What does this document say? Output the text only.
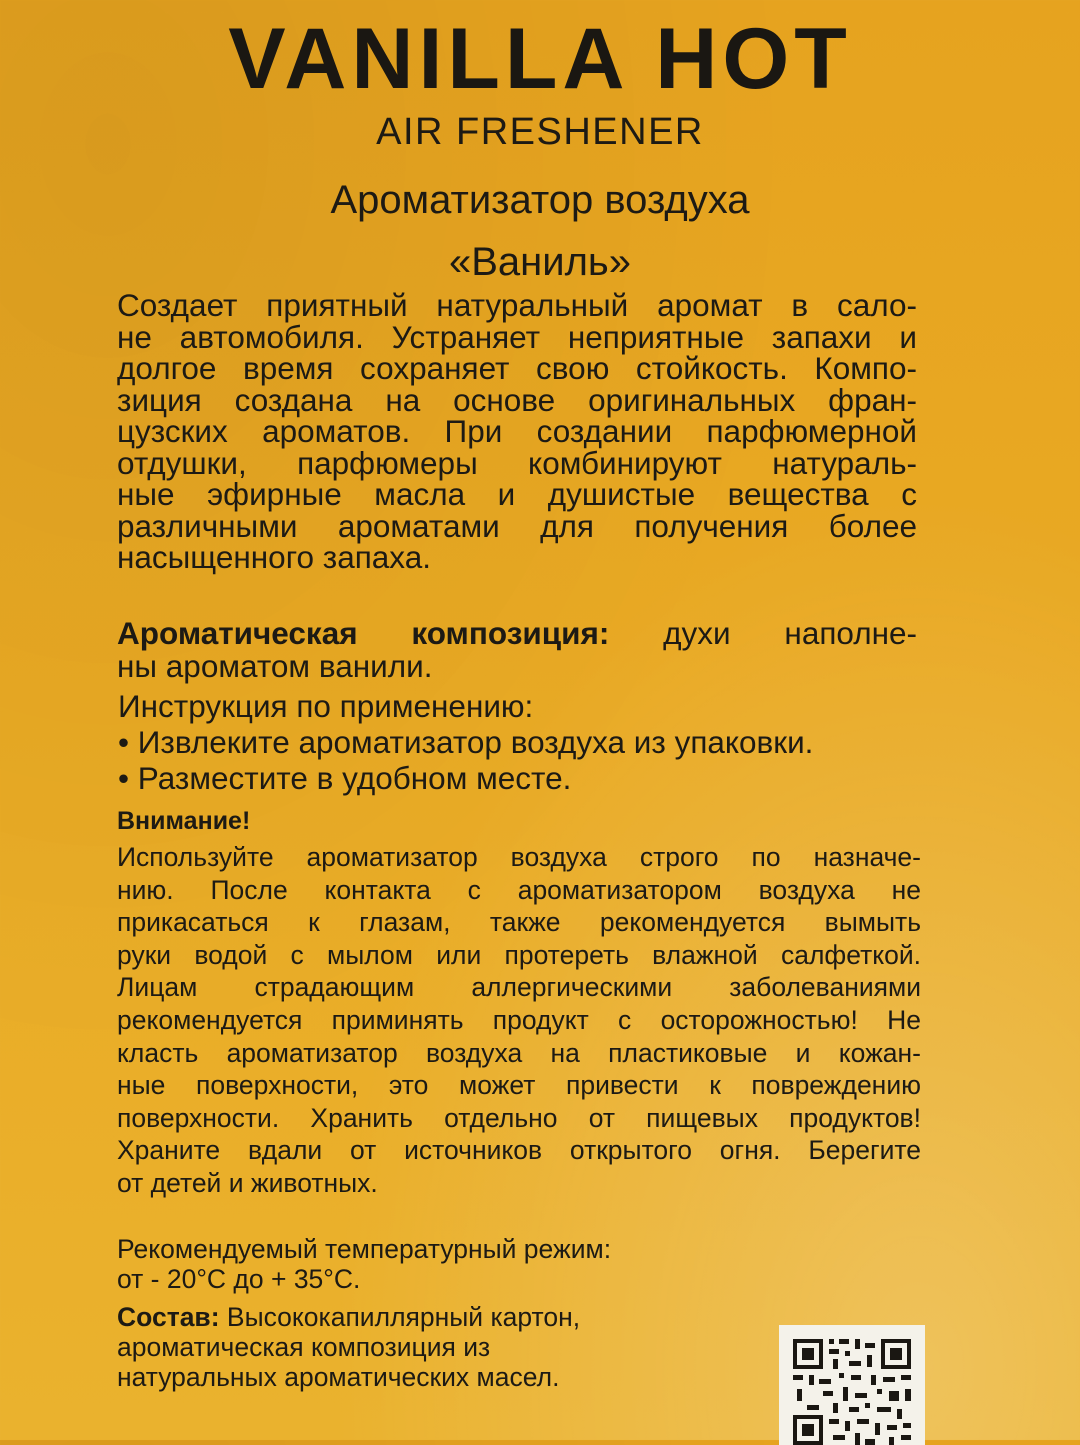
VANILLA HOT
AIR FRESHENER
Ароматизатор воздуха
«Ваниль»
Создает приятный натуральный аромат в сало-
не автомобиля. Устраняет неприятные запахи и
долгое время сохраняет свою стойкость. Компо-
зиция создана на основе оригинальных фран-
цузских ароматов. При создании парфюмерной
отдушки, парфюмеры комбинируют натураль-
ные эфирные масла и душистые вещества с
различными ароматами для получения более
насыщенного запаха.
Ароматическая композиция: духи наполне-
ны ароматом ванили.
Инструкция по применению:
• Извлеките ароматизатор воздуха из упаковки.
• Разместите в удобном месте.
Внимание!
Используйте ароматизатор воздуха строго по назначе-
нию. После контакта с ароматизатором воздуха не
прикасаться к глазам, также рекомендуется вымыть
руки водой с мылом или протереть влажной салфеткой.
Лицам страдающим аллергическими заболеваниями
рекомендуется приминять продукт с осторожностью! Не
класть ароматизатор воздуха на пластиковые и кожан-
ные поверхности, это может привести к повреждению
поверхности. Хранить отдельно от пищевых продуктов!
Храните вдали от источников открытого огня. Берегите
от детей и животных.
Рекомендуемый температурный режим:
от - 20°С до + 35°С.
Состав: Высококапиллярный картон,
ароматическая композиция из
натуральных ароматических масел.
